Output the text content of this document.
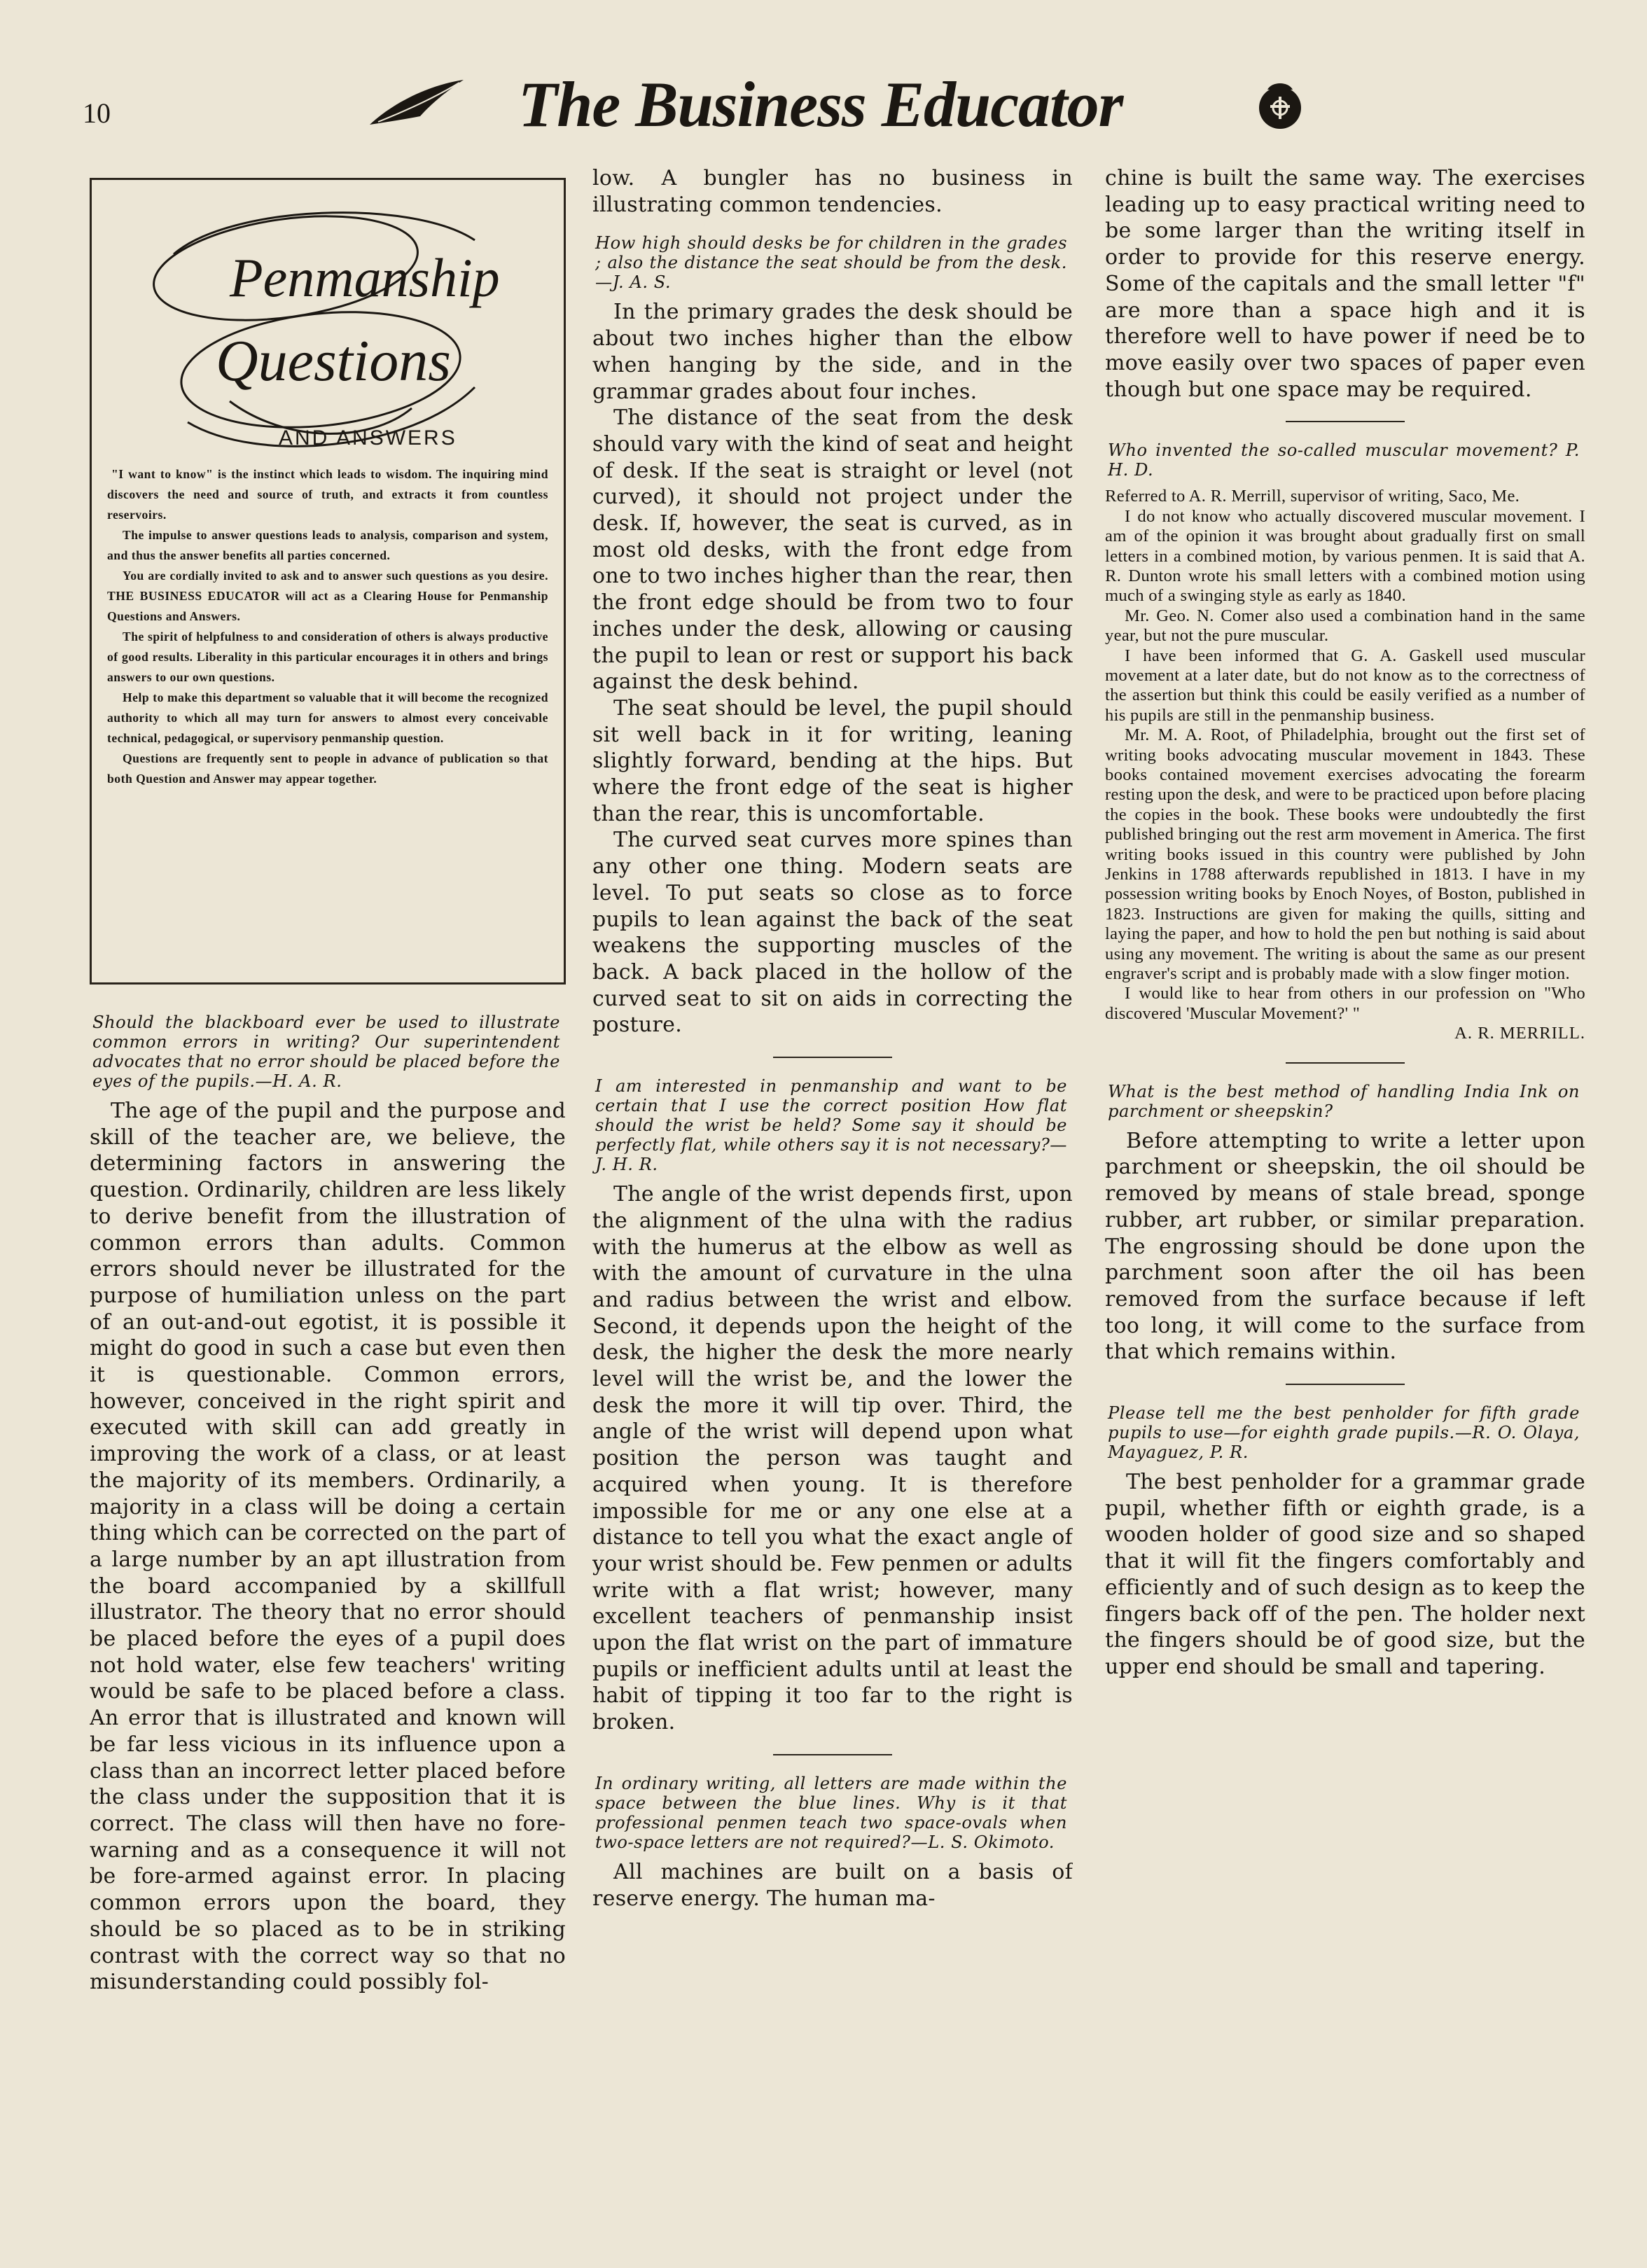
10	The Business Educator
Penmanship
Questions
AND ANSWERS

"I want to know" is the instinct which leads to wisdom. The inquiring mind discovers the need and source of truth, and extracts it from countless reservoirs.

The impulse to answer questions leads to analysis, comparison and system, and thus the answer benefits all parties concerned.

You are cordially invited to ask and to answer such questions as you desire. THE BUSINESS EDUCATOR will act as a Clearing House for Penmanship Questions and Answers.

The spirit of helpfulness to and consideration of others is always productive of good results. Liberality in this particular encourages it in others and brings answers to our own questions.

Help to make this department so valuable that it will become the recognized authority to which all may turn for answers to almost every conceivable technical, pedagogical, or supervisory penmanship question.

Questions are frequently sent to people in advance of publication so that both Question and Answer may appear together.

Should the blackboard ever be used to illustrate common errors in writing? Our superintendent advocates that no error should be placed before the eyes of the pupils.—H. A. R.

The age of the pupil and the purpose and skill of the teacher are, we believe, the determining factors in answering the question. Ordinarily, children are less likely to derive benefit from the illustration of common errors than adults. Common errors should never be illustrated for the purpose of humiliation unless on the part of an out-and-out egotist, it is possible it might do good in such a case but even then it is questionable. Common errors, however, conceived in the right spirit and executed with skill can add greatly in improving the work of a class, or at least the majority of its members. Ordinarily, a majority in a class will be doing a certain thing which can be corrected on the part of a large number by an apt illustration from the board accompanied by a skillfull illustrator. The theory that no error should be placed before the eyes of a pupil does not hold water, else few teachers' writing would be safe to be placed before a class. An error that is illustrated and known will be far less vicious in its influence upon a class than an incorrect letter placed before the class under the supposition that it is correct. The class will then have no fore-warning and as a consequence it will not be fore-armed against error. In placing common errors upon the board, they should be so placed as to be in striking contrast with the correct way so that no misunderstanding could possibly fol-

low. A bungler has no business in illustrating common tendencies.

How high should desks be for children in the grades ; also the distance the seat should be from the desk.—J. A. S.

In the primary grades the desk should be about two inches higher than the elbow when hanging by the side, and in the grammar grades about four inches.

The distance of the seat from the desk should vary with the kind of seat and height of desk. If the seat is straight or level (not curved), it should not project under the desk. If, however, the seat is curved, as in most old desks, with the front edge from one to two inches higher than the rear, then the front edge should be from two to four inches under the desk, allowing or causing the pupil to lean or rest or support his back against the desk behind.

The seat should be level, the pupil should sit well back in it for writing, leaning slightly forward, bending at the hips. But where the front edge of the seat is higher than the rear, this is uncomfortable.

The curved seat curves more spines than any other one thing. Modern seats are level. To put seats so close as to force pupils to lean against the back of the seat weakens the supporting muscles of the back. A back placed in the hollow of the curved seat to sit on aids in correcting the posture.

I am interested in penmanship and want to be certain that I use the correct position How flat should the wrist be held? Some say it should be perfectly flat, while others say it is not necessary?—J. H. R.

The angle of the wrist depends first, upon the alignment of the ulna with the radius with the humerus at the elbow as well as with the amount of curvature in the ulna and radius between the wrist and elbow. Second, it depends upon the height of the desk, the higher the desk the more nearly level will the wrist be, and the lower the desk the more it will tip over. Third, the angle of the wrist will depend upon what position the person was taught and acquired when young. It is therefore impossible for me or any one else at a distance to tell you what the exact angle of your wrist should be. Few penmen or adults write with a flat wrist; however, many excellent teachers of penmanship insist upon the flat wrist on the part of immature pupils or inefficient adults until at least the habit of tipping it too far to the right is broken.

In ordinary writing, all letters are made within the space between the blue lines. Why is it that professional penmen teach two space-ovals when two-space letters are not required?—L. S. Okimoto.

All machines are built on a basis of reserve energy. The human ma-

chine is built the same way. The exercises leading up to easy practical writing need to be some larger than the writing itself in order to provide for this reserve energy. Some of the capitals and the small letter "f" are more than a space high and it is therefore well to have power if need be to move easily over two spaces of paper even though but one space may be required.

Who invented the so-called muscular movement? P. H. D.

Referred to A. R. Merrill, supervisor of writing, Saco, Me.

I do not know who actually discovered muscular movement. I am of the opinion it was brought about gradually first on small letters in a combined motion, by various penmen. It is said that A. R. Dunton wrote his small letters with a combined motion using much of a swinging style as early as 1840.

Mr. Geo. N. Comer also used a combination hand in the same year, but not the pure muscular.

I have been informed that G. A. Gaskell used muscular movement at a later date, but do not know as to the correctness of the assertion but think this could be easily verified as a number of his pupils are still in the penmanship business.

Mr. M. A. Root, of Philadelphia, brought out the first set of writing books advocating muscular movement in 1843. These books contained movement exercises advocating the forearm resting upon the desk, and were to be practiced upon before placing the copies in the book. These books were undoubtedly the first published bringing out the rest arm movement in America. The first writing books issued in this country were published by John Jenkins in 1788 afterwards republished in 1813. I have in my possession writing books by Enoch Noyes, of Boston, published in 1823. Instructions are given for making the quills, sitting and laying the paper, and how to hold the pen but nothing is said about using any movement. The writing is about the same as our present engraver's script and is probably made with a slow finger motion.

I would like to hear from others in our profession on "Who discovered 'Muscular Movement?' "

A. R. MERRILL.

What is the best method of handling India Ink on parchment or sheepskin?

Before attempting to write a letter upon parchment or sheepskin, the oil should be removed by means of stale bread, sponge rubber, art rubber, or similar preparation. The engrossing should be done upon the parchment soon after the oil has been removed from the surface because if left too long, it will come to the surface from that which remains within.

Please tell me the best penholder for fifth grade pupils to use—for eighth grade pupils.—R. O. Olaya, Mayaguez, P. R.

The best penholder for a grammar grade pupil, whether fifth or eighth grade, is a wooden holder of good size and so shaped that it will fit the fingers comfortably and efficiently and of such design as to keep the fingers back off of the pen. The holder next the fingers should be of good size, but the upper end should be small and tapering.
